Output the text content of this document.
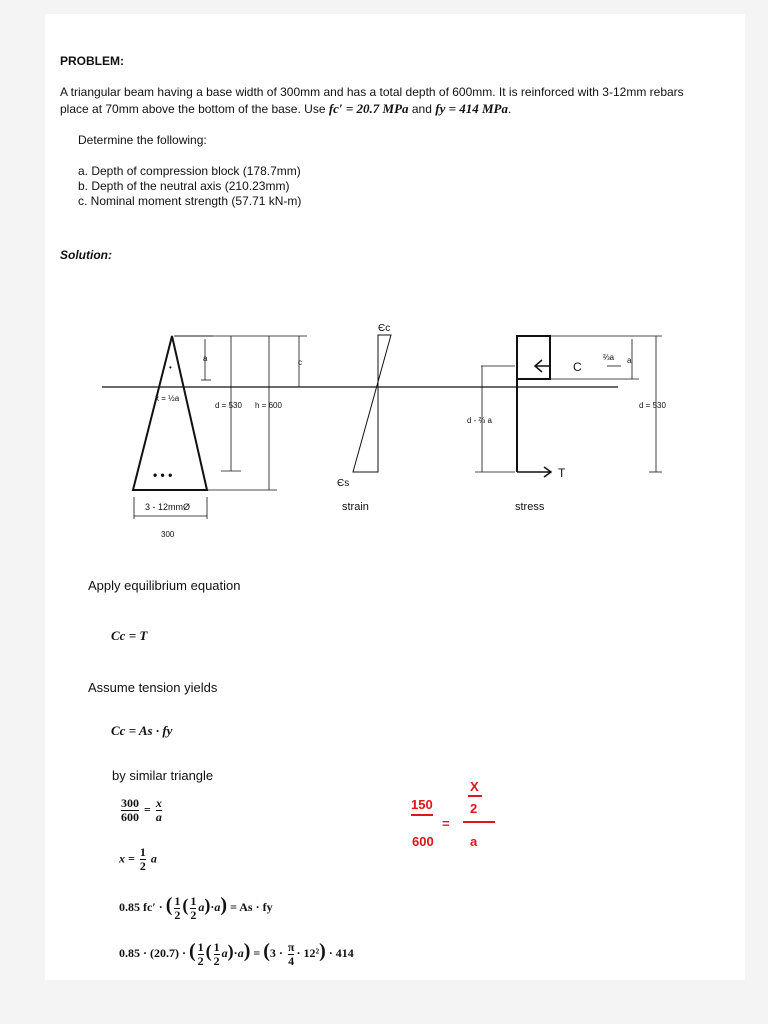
PROBLEM:
A triangular beam having a base width of 300mm and has a total depth of 600mm. It is reinforced with 3-12mm rebars
place at 70mm above the bottom of the base. Use fc′ = 20.7 MPa and fy = 414 MPa.
Determine the following:
a. Depth of compression block (178.7mm)
b. Depth of the neutral axis (210.23mm)
c. Nominal moment strength (57.71 kN-m)
Solution:
a	c
x = ½a
•
d = 530 h = 600
• • •
3 - 12mmØ
300
Єc
Єs
strain	stress
C
T
⅔a a
d - ⅔ a
d = 530
Apply equilibrium equation
Cc = T
Assume tension yields
Cc = As · fy
by similar triangle
$\frac{300}{600} = \frac{x}{a}$
$x = \frac{1}{2}$ a
0.85 fc′ · ( $\frac{1}{2}$ ( $\frac{1}{2} a)\cdot a) = As$ · fy
0.85 · (20.7) · ( $\frac{1}{2}$ ( $\frac{1}{2} a)\cdot a) = (3 \cdot \frac{\pi}{4} \cdot 12^2) \cdot 414$
150
600
=
X
2
a
